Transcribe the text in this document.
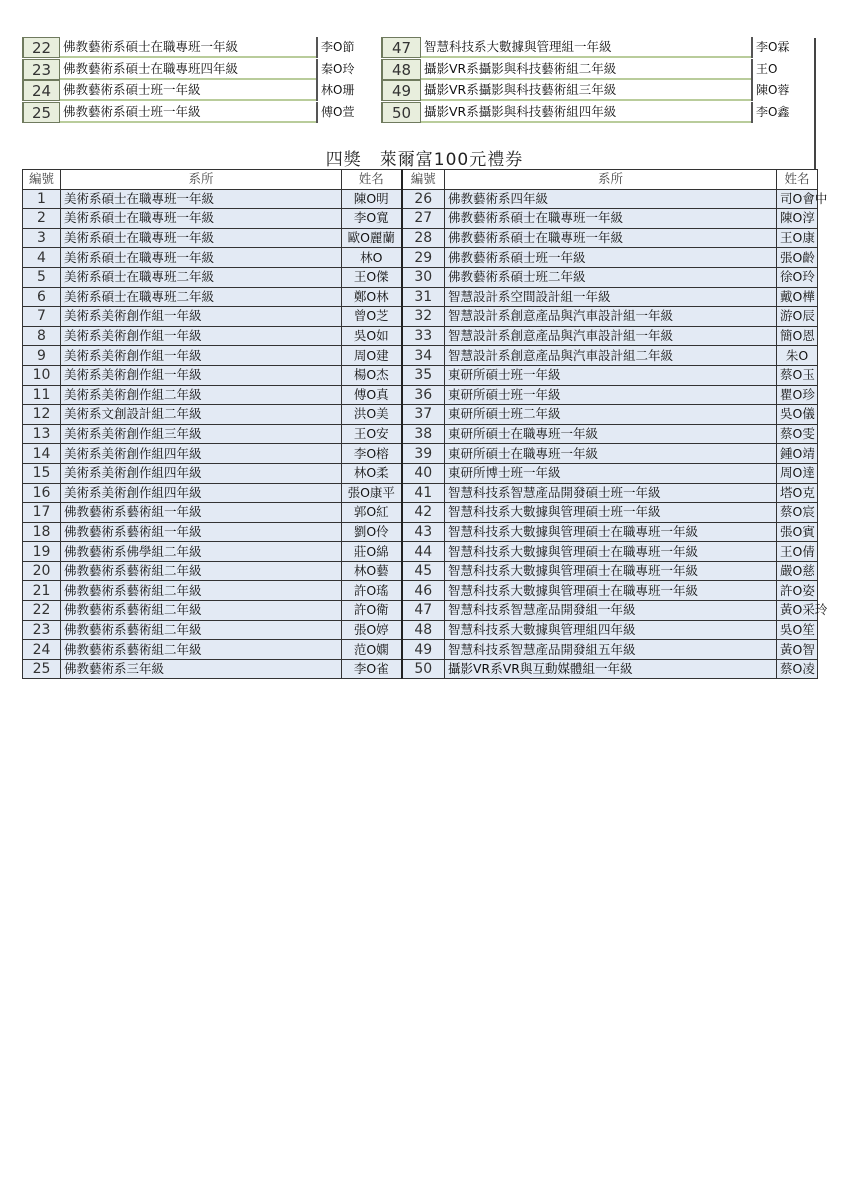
22 佛教藝術系碩士在職專班一年級	李O節	47	智慧科技系大數據與管理組一年級	李O霖
23 佛教藝術系碩士在職專班四年級	秦O玲	48	攝影VR系攝影與科技藝術組二年級	王O
24 佛教藝術系碩士班一年級	林O珊	49	攝影VR系攝影與科技藝術組三年級	陳O蓉
25 佛教藝術系碩士班一年級	傅O萱	50	攝影VR系攝影與科技藝術組四年級	李O鑫
四獎　萊爾富100元禮券
編號	系所	姓名	編號	系所	姓名
1	美術系碩士在職專班一年級	陳O明	26	佛教藝術系四年級	司O會中
2	美術系碩士在職專班一年級	李O寬	27	佛教藝術系碩士在職專班一年級	陳O淳
3	美術系碩士在職專班一年級	歐O麗蘭	28	佛教藝術系碩士在職專班一年級	王O康
4	美術系碩士在職專班一年級	林O	29	佛教藝術系碩士班一年級	張O齡
5	美術系碩士在職專班二年級	王O傑	30	佛教藝術系碩士班二年級	徐O玲
6	美術系碩士在職專班二年級	鄭O林	31	智慧設計系空間設計組一年級	戴O樺
7	美術系美術創作組一年級	曾O芝	32	智慧設計系創意產品與汽車設計組一年級	游O辰
8	美術系美術創作組一年級	吳O如	33	智慧設計系創意產品與汽車設計組一年級	簡O恩
9	美術系美術創作組一年級	周O建	34	智慧設計系創意產品與汽車設計組二年級	朱O
10	美術系美術創作組一年級	楊O杰	35	東研所碩士班一年級	蔡O玉
11	美術系美術創作組二年級	傅O真	36	東研所碩士班一年級	瞿O珍
12	美術系文創設計組二年級	洪O美	37	東研所碩士班二年級	吳O儀
13	美術系美術創作組三年級	王O安	38	東研所碩士在職專班一年級	蔡O雯
14	美術系美術創作組四年級	李O榕	39	東研所碩士在職專班一年級	鍾O靖
15	美術系美術創作組四年級	林O柔	40	東研所博士班一年級	周O達
16	美術系美術創作組四年級	張O康平	41	智慧科技系智慧產品開發碩士班一年級	塔O克
17	佛教藝術系藝術組一年級	郭O紅	42	智慧科技系大數據與管理碩士班一年級	蔡O宸
18	佛教藝術系藝術組一年級	劉O伶	43	智慧科技系大數據與管理碩士在職專班一年級	張O賓
19	佛教藝術系佛學組二年級	莊O綿	44	智慧科技系大數據與管理碩士在職專班一年級	王O倩
20	佛教藝術系藝術組二年級	林O藝	45	智慧科技系大數據與管理碩士在職專班一年級	嚴O慈
21	佛教藝術系藝術組二年級	許O瑤	46	智慧科技系大數據與管理碩士在職專班一年級	許O姿
22	佛教藝術系藝術組二年級	許O衛	47	智慧科技系智慧產品開發組一年級	黃O采玲
23	佛教藝術系藝術組二年級	張O婷	48	智慧科技系大數據與管理組四年級	吳O笙
24	佛教藝術系藝術組二年級	范O嫻	49	智慧科技系智慧產品開發組五年級	黃O智
25	佛教藝術系三年級	李O雀	50	攝影VR系VR與互動媒體組一年級	蔡O凌
